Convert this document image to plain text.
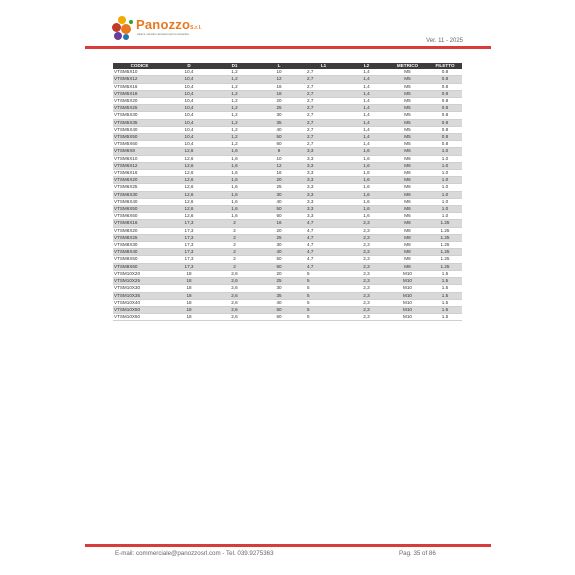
PanozzoS.r.l.
sistemi, utensili e accessori per la meccanica
Ver. 11 - 2025
CODICE	D	D1	L	L1	L2	METRICO	FILETTO
VTSM5X10	10,4	1,2	10	2,7	1,4	M5	0.8
VTSM5X12	10,4	1,2	12	2,7	1,4	M5	0.8
VTSM5X16	10,4	1,2	16	2,7	1,4	M5	0.8
VTSM5X18	10,4	1,2	18	2,7	1,4	M5	0.8
VTSM5X20	10,4	1,2	20	2,7	1,4	M5	0.8
VTSM5X25	10,4	1,2	25	2,7	1,4	M5	0.8
VTSM5X30	10,4	1,2	30	2,7	1,4	M5	0.8
VTSM5X35	10,4	1,2	35	2,7	1,4	M5	0.8
VTSM5X40	10,4	1,2	40	2,7	1,4	M5	0.8
VTSM5X50	10,4	1,2	50	2,7	1,4	M5	0.8
VTSM5X60	10,4	1,2	60	2,7	1,4	M5	0.8
VTSM6X8	12,6	1,6	8	3,3	1,6	M6	1.0
VTSM6X10	12,6	1,6	10	3,3	1,6	M6	1.0
VTSM6X12	12,6	1,6	12	3,3	1,6	M6	1.0
VTSM6X16	12,6	1,6	16	3,3	1,6	M6	1.0
VTSM6X20	12,6	1,6	20	3,3	1,6	M6	1.0
VTSM6X25	12,6	1,6	25	3,3	1,6	M6	1.0
VTSM6X30	12,6	1,6	30	3,3	1,6	M6	1.0
VTSM6X40	12,6	1,6	40	3,3	1,6	M6	1.0
VTSM6X50	12,6	1,6	50	3,3	1,6	M6	1.0
VTSM6X60	12,6	1,6	60	3,3	1,6	M6	1.0
VTSM8X16	17,3	2	16	4,7	2,3	M8	1.25
VTSM8X20	17,3	2	20	4,7	2,3	M8	1.25
VTSM8X25	17,3	2	25	4,7	2,3	M8	1.25
VTSM8X30	17,3	2	30	4,7	2,3	M8	1.25
VTSM8X40	17,3	2	40	4,7	2,3	M8	1.25
VTSM8X50	17,3	2	50	4,7	2,3	M8	1.25
VTSM8X60	17,3	2	60	4,7	2,3	M8	1.25
VTSM10X20	18	2,6	20	5	2,3	M10	1.5
VTSM10X25	18	2,6	25	5	2,3	M10	1.5
VTSM10X30	18	2,6	30	5	2,3	M10	1.5
VTSM10X35	18	2,6	35	5	2,3	M10	1.5
VTSM10X40	18	2,6	40	5	2,3	M10	1.5
VTSM10X50	18	2,6	50	5	2,3	M10	1.5
VTSM10X60	18	2,6	60	5	2,3	M10	1.5
E-mail: commerciale@panozzosrl.com - Tel. 039.9275363	Pag. 35 of 86
